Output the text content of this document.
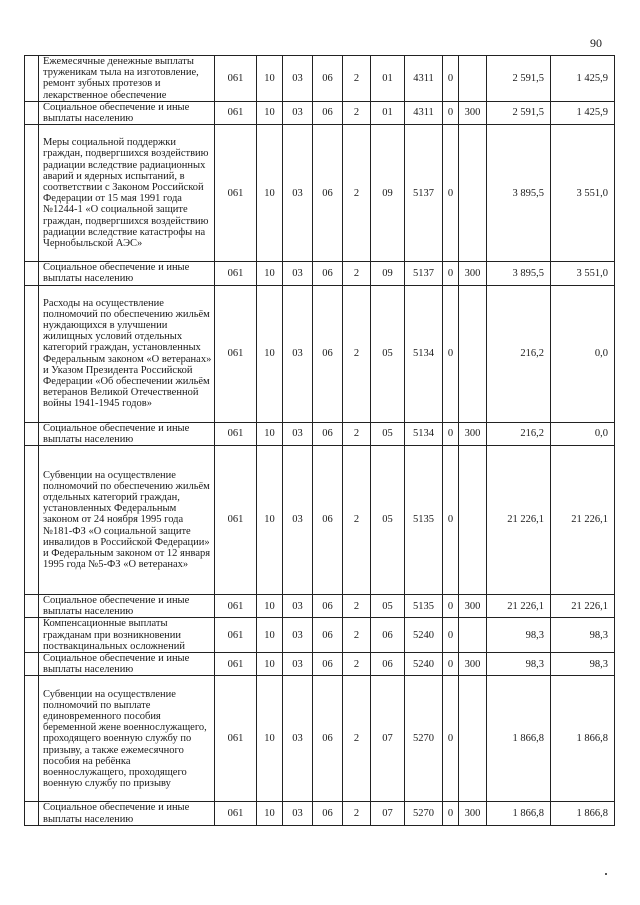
90
	Ежемесячные денежные выплаты труженикам тыла на изготовление, ремонт зубных протезов и лекарственное обеспечение	061	10	03	06	2	01	4311	0		2 591,5	1 425,9
	Социальное обеспечение и иные выплаты населению	061	10	03	06	2	01	4311	0	300	2 591,5	1 425,9
	Меры социальной поддержки граждан, подвергшихся воздействию радиации вследствие радиационных аварий и ядерных испытаний, в соответствии с Законом Российской Федерации от 15 мая 1991 года №1244-1 «О социальной защите граждан, подвергшихся воздействию радиации вследствие катастрофы на Чернобыльской АЭС»	061	10	03	06	2	09	5137	0		3 895,5	3 551,0
	Социальное обеспечение и иные выплаты населению	061	10	03	06	2	09	5137	0	300	3 895,5	3 551,0
	Расходы на осуществление полномочий по обеспечению жильём нуждающихся в улучшении жилищных условий отдельных категорий граждан, установленных Федеральным законом «О ветеранах» и Указом Президента Российской Федерации «Об обеспечении жильём ветеранов Великой Отечественной войны 1941-1945 годов»	061	10	03	06	2	05	5134	0		216,2	0,0
	Социальное обеспечение и иные выплаты населению	061	10	03	06	2	05	5134	0	300	216,2	0,0
	Субвенции на осуществление полномочий по обеспечению жильём отдельных категорий граждан, установленных Федеральным законом от 24 ноября 1995 года №181-ФЗ «О социальной защите инвалидов в Российской Федерации» и Федеральным законом от 12 января 1995 года №5-ФЗ «О ветеранах»	061	10	03	06	2	05	5135	0		21 226,1	21 226,1
	Социальное обеспечение и иные выплаты населению	061	10	03	06	2	05	5135	0	300	21 226,1	21 226,1
	Компенсационные выплаты гражданам при возникновении поствакцинальных осложнений	061	10	03	06	2	06	5240	0		98,3	98,3
	Социальное обеспечение и иные выплаты населению	061	10	03	06	2	06	5240	0	300	98,3	98,3
	Субвенции на осуществление полномочий по выплате единовременного пособия беременной жене военнослужащего, проходящего военную службу по призыву, а также ежемесячного пособия на ребёнка военнослужащего, проходящего военную службу по призыву	061	10	03	06	2	07	5270	0		1 866,8	1 866,8
	Социальное обеспечение и иные выплаты населению	061	10	03	06	2	07	5270	0	300	1 866,8	1 866,8
